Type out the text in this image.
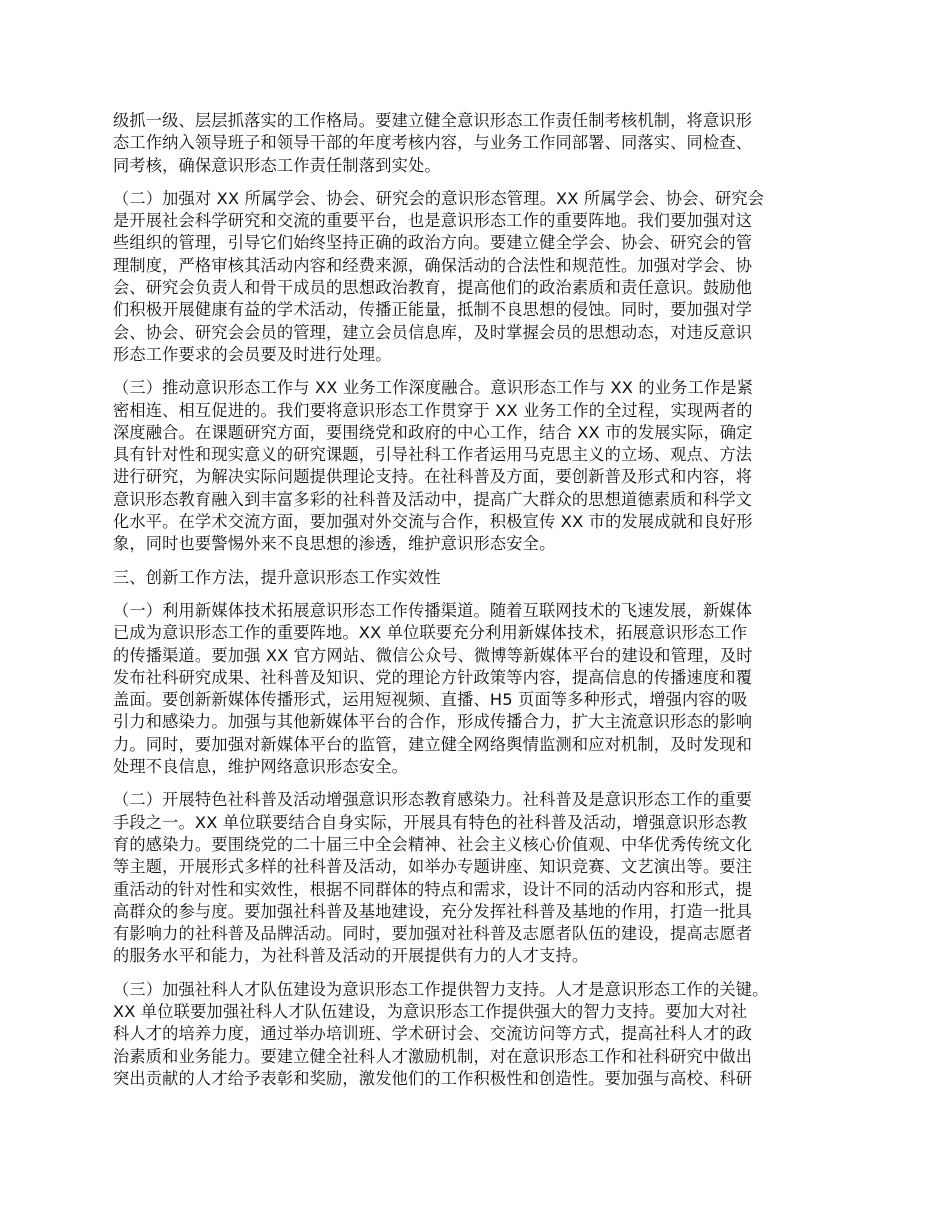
级抓一级、层层抓落实的工作格局。要建立健全意识形态工作责任制考核机制，将意识形
态工作纳入领导班子和领导干部的年度考核内容，与业务工作同部署、同落实、同检查、
同考核，确保意识形态工作责任制落到实处。
（二）加强对 XX 所属学会、协会、研究会的意识形态管理。XX 所属学会、协会、研究会
是开展社会科学研究和交流的重要平台，也是意识形态工作的重要阵地。我们要加强对这
些组织的管理，引导它们始终坚持正确的政治方向。要建立健全学会、协会、研究会的管
理制度，严格审核其活动内容和经费来源，确保活动的合法性和规范性。加强对学会、协
会、研究会负责人和骨干成员的思想政治教育，提高他们的政治素质和责任意识。鼓励他
们积极开展健康有益的学术活动，传播正能量，抵制不良思想的侵蚀。同时，要加强对学
会、协会、研究会会员的管理，建立会员信息库，及时掌握会员的思想动态，对违反意识
形态工作要求的会员要及时进行处理。
（三）推动意识形态工作与 XX 业务工作深度融合。意识形态工作与 XX 的业务工作是紧
密相连、相互促进的。我们要将意识形态工作贯穿于 XX 业务工作的全过程，实现两者的
深度融合。在课题研究方面，要围绕党和政府的中心工作，结合 XX 市的发展实际，确定
具有针对性和现实意义的研究课题，引导社科工作者运用马克思主义的立场、观点、方法
进行研究，为解决实际问题提供理论支持。在社科普及方面，要创新普及形式和内容，将
意识形态教育融入到丰富多彩的社科普及活动中，提高广大群众的思想道德素质和科学文
化水平。在学术交流方面，要加强对外交流与合作，积极宣传 XX 市的发展成就和良好形
象，同时也要警惕外来不良思想的渗透，维护意识形态安全。
三、创新工作方法，提升意识形态工作实效性
（一）利用新媒体技术拓展意识形态工作传播渠道。随着互联网技术的飞速发展，新媒体
已成为意识形态工作的重要阵地。XX 单位联要充分利用新媒体技术，拓展意识形态工作
的传播渠道。要加强 XX 官方网站、微信公众号、微博等新媒体平台的建设和管理，及时
发布社科研究成果、社科普及知识、党的理论方针政策等内容，提高信息的传播速度和覆
盖面。要创新新媒体传播形式，运用短视频、直播、H5 页面等多种形式，增强内容的吸
引力和感染力。加强与其他新媒体平台的合作，形成传播合力，扩大主流意识形态的影响
力。同时，要加强对新媒体平台的监管，建立健全网络舆情监测和应对机制，及时发现和
处理不良信息，维护网络意识形态安全。
（二）开展特色社科普及活动增强意识形态教育感染力。社科普及是意识形态工作的重要
手段之一。XX 单位联要结合自身实际，开展具有特色的社科普及活动，增强意识形态教
育的感染力。要围绕党的二十届三中全会精神、社会主义核心价值观、中华优秀传统文化
等主题，开展形式多样的社科普及活动，如举办专题讲座、知识竞赛、文艺演出等。要注
重活动的针对性和实效性，根据不同群体的特点和需求，设计不同的活动内容和形式，提
高群众的参与度。要加强社科普及基地建设，充分发挥社科普及基地的作用，打造一批具
有影响力的社科普及品牌活动。同时，要加强对社科普及志愿者队伍的建设，提高志愿者
的服务水平和能力，为社科普及活动的开展提供有力的人才支持。
（三）加强社科人才队伍建设为意识形态工作提供智力支持。人才是意识形态工作的关键。
XX 单位联要加强社科人才队伍建设，为意识形态工作提供强大的智力支持。要加大对社
科人才的培养力度，通过举办培训班、学术研讨会、交流访问等方式，提高社科人才的政
治素质和业务能力。要建立健全社科人才激励机制，对在意识形态工作和社科研究中做出
突出贡献的人才给予表彰和奖励，激发他们的工作积极性和创造性。要加强与高校、科研
